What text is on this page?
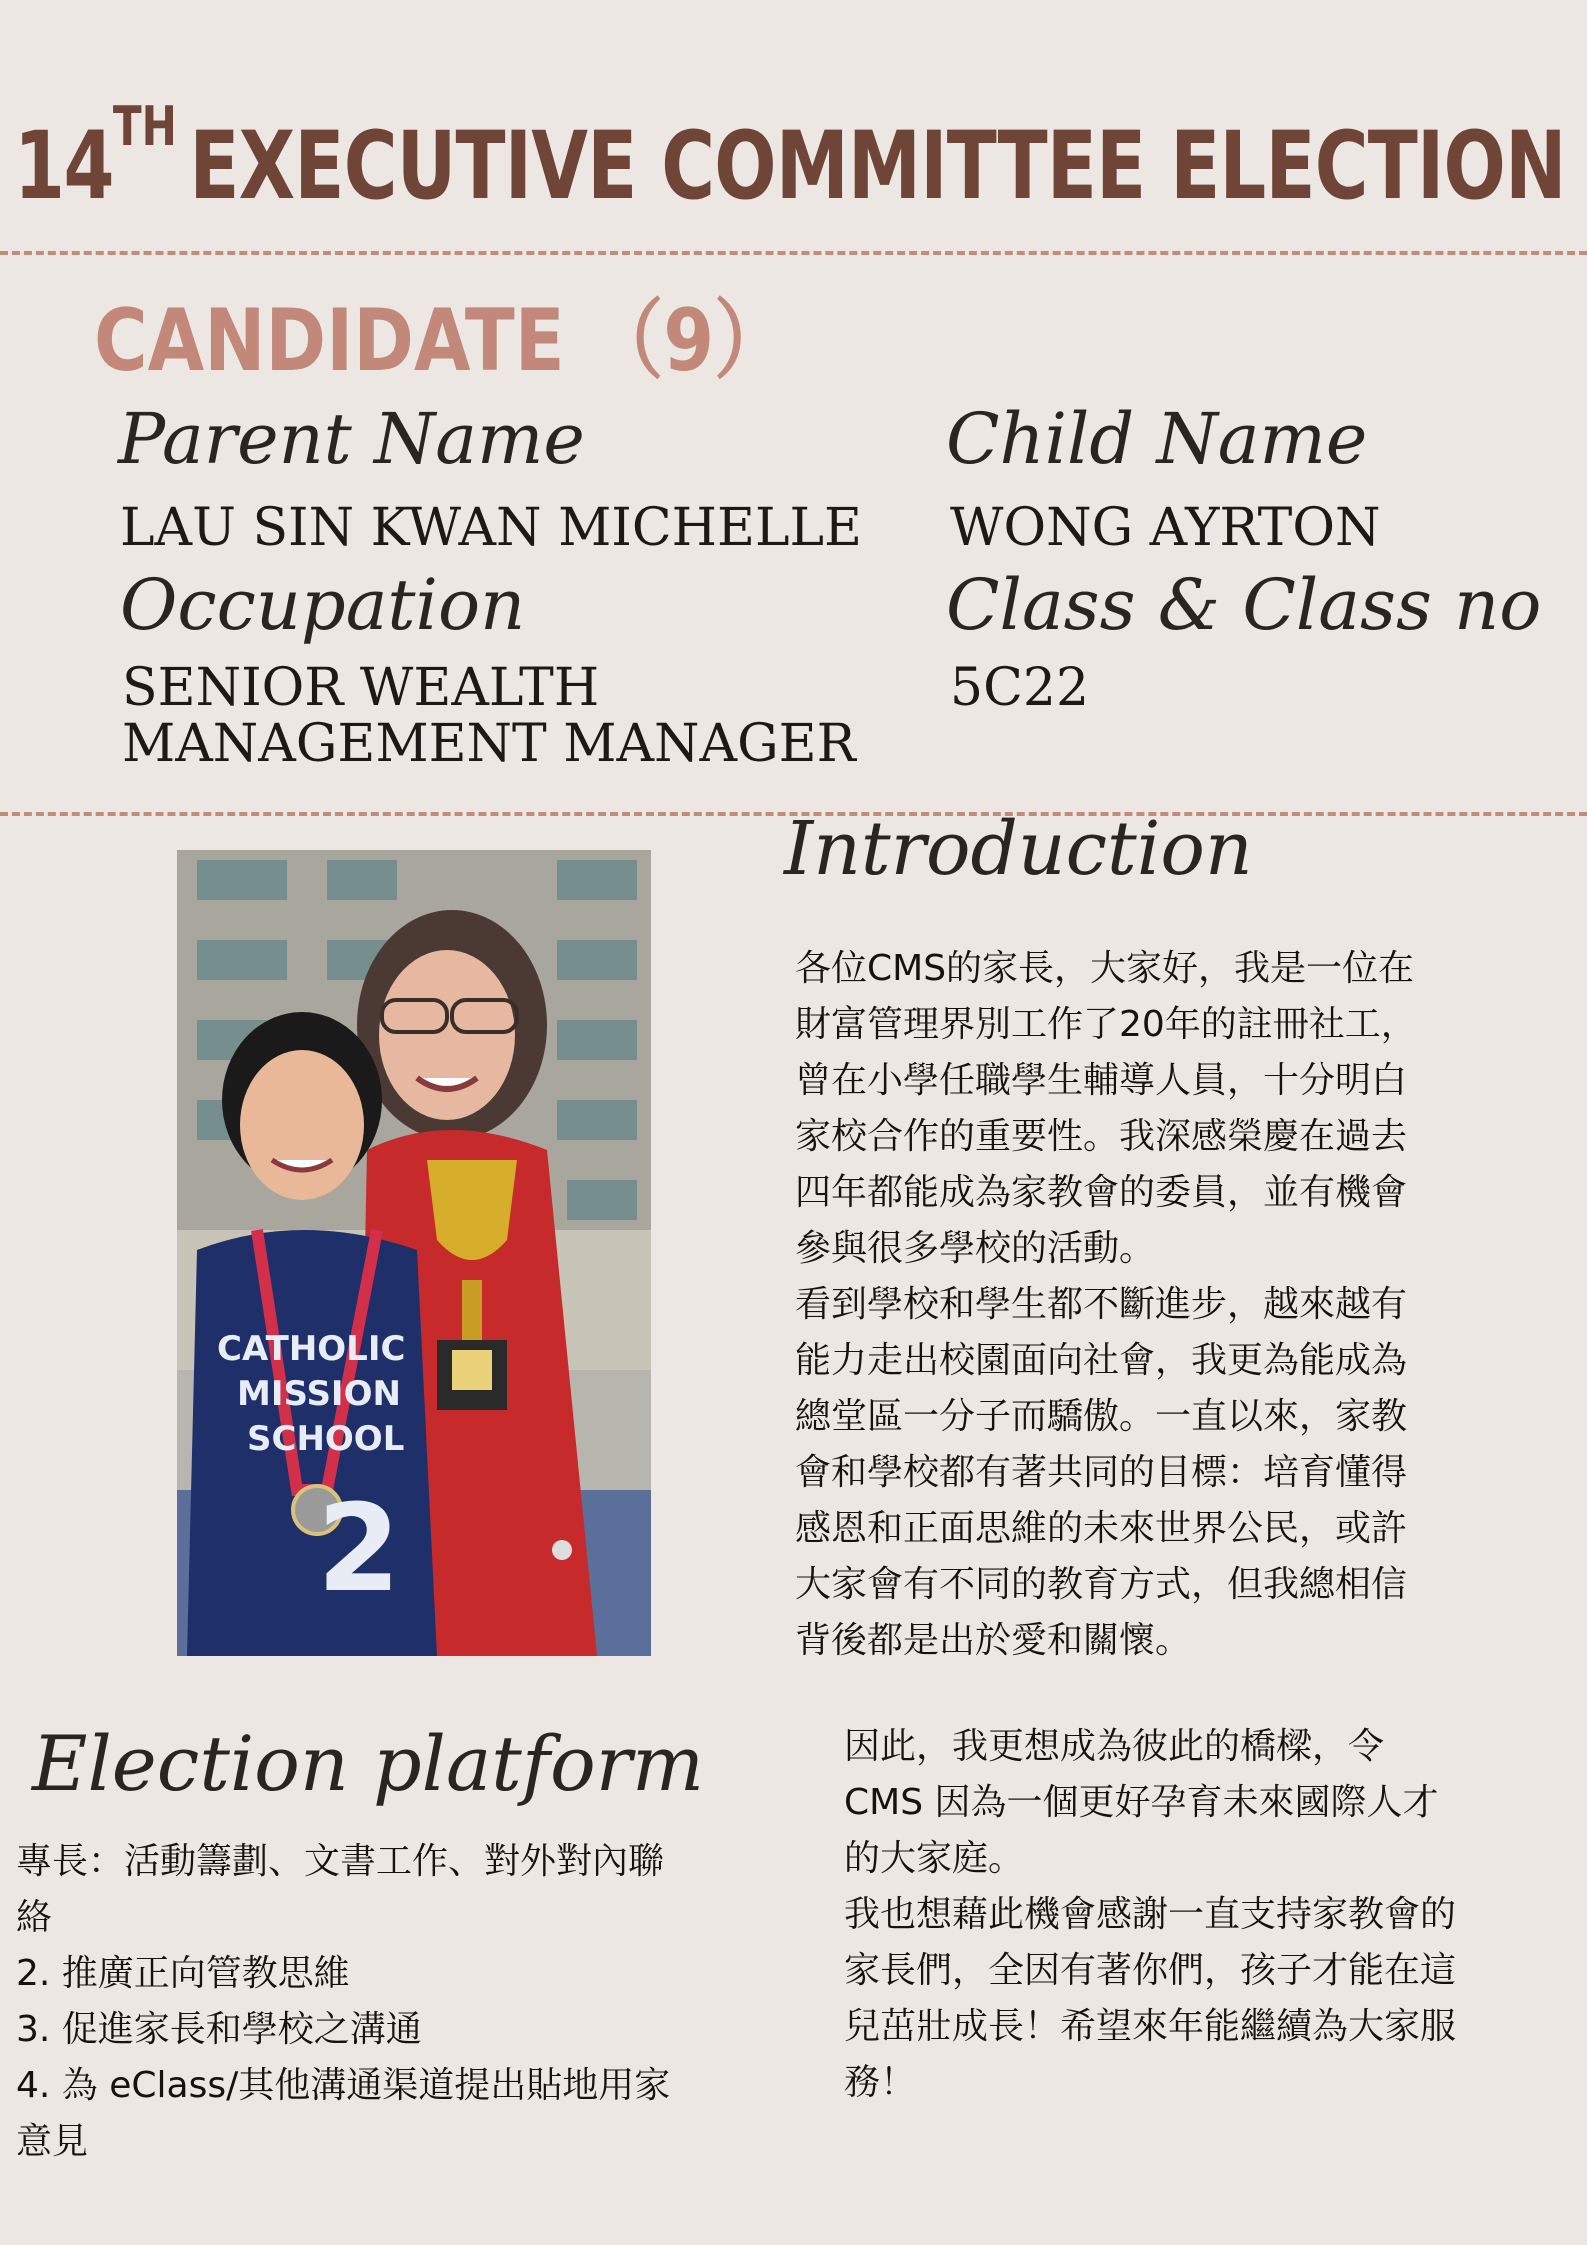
14TH EXECUTIVE COMMITTEE ELECTION
CANDIDATE （9）
Parent Name
LAU SIN KWAN MICHELLE
Child Name
WONG AYRTON
Occupation
SENIOR WEALTH
MANAGEMENT MANAGER
Class & Class no
5C22
CATHOLIC
MISSION
SCHOOL
2
Introduction
各位CMS的家長，大家好，我是一位在
財富管理界別工作了20年的註冊社工，
曾在小學任職學生輔導人員，十分明白
家校合作的重要性。我深感榮慶在過去
四年都能成為家教會的委員，並有機會
參與很多學校的活動。
看到學校和學生都不斷進步，越來越有
能力走出校園面向社會，我更為能成為
總堂區一分子而驕傲。一直以來，家教
會和學校都有著共同的目標：培育懂得
感恩和正面思維的未來世界公民，或許
大家會有不同的教育方式，但我總相信
背後都是出於愛和關懷。
Election platform
專長：活動籌劃、文書工作、對外對內聯
絡
2. 推廣正向管教思維
3. 促進家長和學校之溝通
4. 為 eClass/其他溝通渠道提出貼地用家
意見
因此，我更想成為彼此的橋樑，令
CMS 因為一個更好孕育未來國際人才
的大家庭。
我也想藉此機會感謝一直支持家教會的
家長們，全因有著你們，孩子才能在這
兒茁壯成長！希望來年能繼續為大家服
務！
